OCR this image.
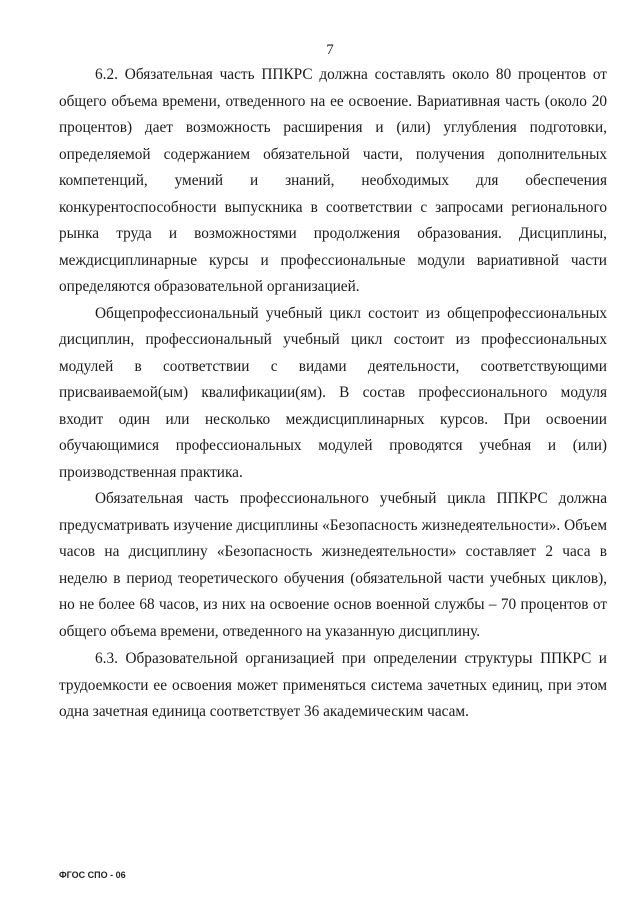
7

6.2. Обязательная часть ППКРС должна составлять около 80 процентов от общего объема времени, отведенного на ее освоение. Вариативная часть (около 20 процентов) дает возможность расширения и (или) углубления подготовки, определяемой содержанием обязательной части, получения дополнительных компетенций, умений и знаний, необходимых для обеспечения конкурентоспособности выпускника в соответствии с запросами регионального рынка труда и возможностями продолжения образования. Дисциплины, междисциплинарные курсы и профессиональные модули вариативной части определяются образовательной организацией.

Общепрофессиональный учебный цикл состоит из общепрофессиональных дисциплин, профессиональный учебный цикл состоит из профессиональных модулей в соответствии с видами деятельности, соответствующими присваиваемой(ым) квалификации(ям). В состав профессионального модуля входит один или несколько междисциплинарных курсов. При освоении обучающимися профессиональных модулей проводятся учебная и (или) производственная практика.

Обязательная часть профессионального учебный цикла ППКРС должна предусматривать изучение дисциплины «Безопасность жизнедеятельности». Объем часов на дисциплину «Безопасность жизнедеятельности» составляет 2 часа в неделю в период теоретического обучения (обязательной части учебных циклов), но не более 68 часов, из них на освоение основ военной службы – 70 процентов от общего объема времени, отведенного на указанную дисциплину.

6.3. Образовательной организацией при определении структуры ППКРС и трудоемкости ее освоения может применяться система зачетных единиц, при этом одна зачетная единица соответствует 36 академическим часам.

ФГОС СПО - 06
